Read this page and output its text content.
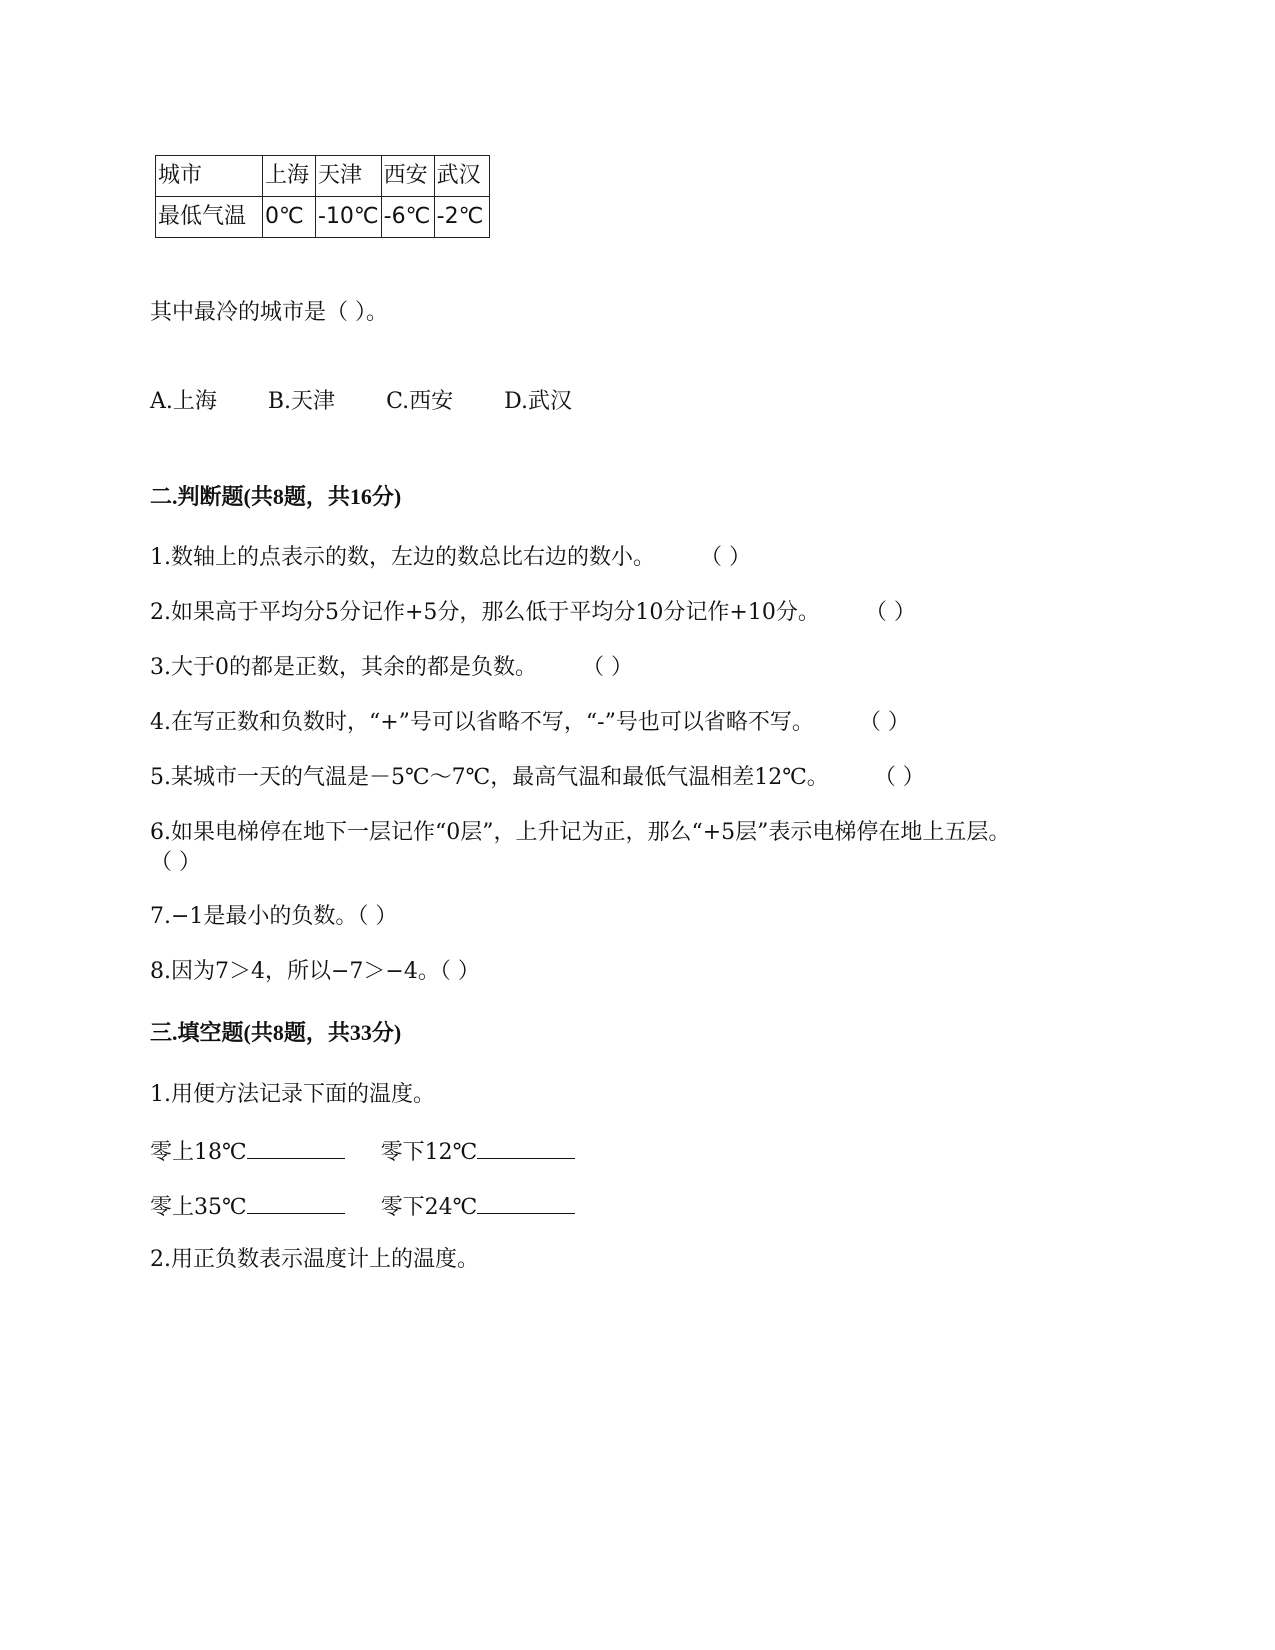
城市	上海	天津	西安	武汉
最低气温	0℃	-10℃	-6℃	-2℃
其中最冷的城市是（ ）。
A.上海 B.天津 C.西安 D.武汉
二.判断题(共8题，共16分)
1.数轴上的点表示的数，左边的数总比右边的数小。	（ ）
2.如果高于平均分5分记作+5分，那么低于平均分10分记作+10分。	（ ）
3.大于0的都是正数，其余的都是负数。	（ ）
4.在写正数和负数时，“+”号可以省略不写，“-”号也可以省略不写。	（ ）
5.某城市一天的气温是－5℃～7℃，最高气温和最低气温相差12℃。	（ ）
6.如果电梯停在地下一层记作“0层”，上升记为正，那么“+5层”表示电梯停在地上五层。
（ ）
7.−1是最小的负数。（ ）
8.因为7＞4，所以−7＞−4。（ ）
三.填空题(共8题，共33分)
1.用便方法记录下面的温度。
零上18℃	零下12℃
零上35℃	零下24℃
2.用正负数表示温度计上的温度。
